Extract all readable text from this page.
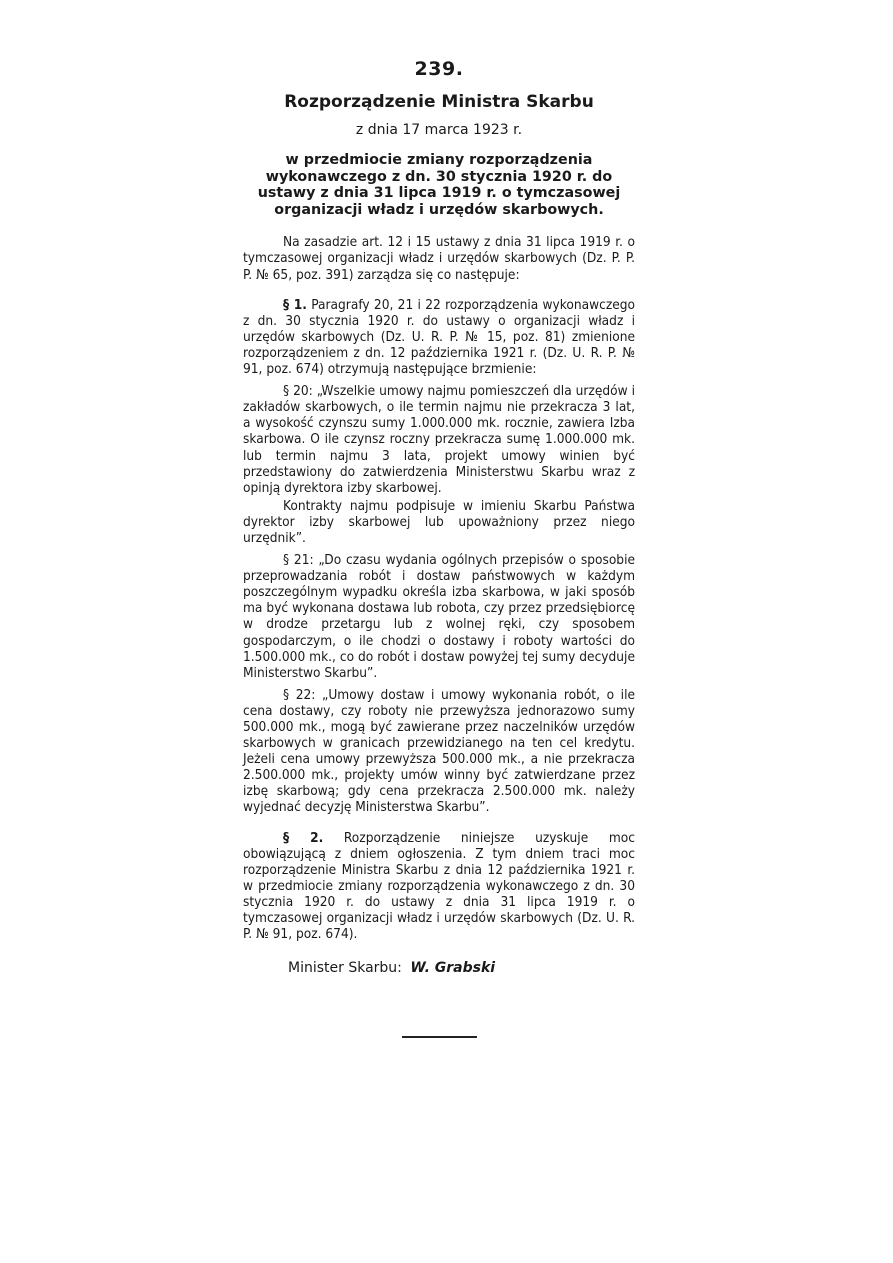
239.
Rozporządzenie Ministra Skarbu
z dnia 17 marca 1923 r.
w przedmiocie zmiany rozporządzenia wykonawczego z dn. 30 stycznia 1920 r. do ustawy z dnia 31 lipca 1919 r. o tymczasowej organizacji władz i urzędów skarbowych.

Na zasadzie art. 12 i 15 ustawy z dnia 31 lipca 1919 r. o tymczasowej organizacji władz i urzędów skarbowych (Dz. P. P. P. № 65, poz. 391) zarządza się co następuje:

§ 1. Paragrafy 20, 21 i 22 rozporządzenia wykonawczego z dn. 30 stycznia 1920 r. do ustawy o organizacji władz i urzędów skarbowych (Dz. U. R. P. № 15, poz. 81) zmienione rozporządzeniem z dn. 12 października 1921 r. (Dz. U. R. P. № 91, poz. 674) otrzymują następujące brzmienie:

§ 20: „Wszelkie umowy najmu pomieszczeń dla urzędów i zakładów skarbowych, o ile termin najmu nie przekracza 3 lat, a wysokość czynszu sumy 1.000.000 mk. rocznie, zawiera Izba skarbowa. O ile czynsz roczny przekracza sumę 1.000.000 mk. lub termin najmu 3 lata, projekt umowy winien być przedstawiony do zatwierdzenia Ministerstwu Skarbu wraz z opinją dyrektora izby skarbowej.

Kontrakty najmu podpisuje w imieniu Skarbu Państwa dyrektor izby skarbowej lub upoważniony przez niego urzędnik”.

§ 21: „Do czasu wydania ogólnych przepisów o sposobie przeprowadzania robót i dostaw państwowych w każdym poszczególnym wypadku określa izba skarbowa, w jaki sposób ma być wykonana dostawa lub robota, czy przez przedsiębiorcę w drodze przetargu lub z wolnej ręki, czy sposobem gospodarczym, o ile chodzi o dostawy i roboty wartości do 1.500.000 mk., co do robót i dostaw powyżej tej sumy decyduje Ministerstwo Skarbu”.

§ 22: „Umowy dostaw i umowy wykonania robót, o ile cena dostawy, czy roboty nie przewyższa jednorazowo sumy 500.000 mk., mogą być zawierane przez naczelników urzędów skarbowych w granicach przewidzianego na ten cel kredytu. Jeżeli cena umowy przewyższa 500.000 mk., a nie przekracza 2.500.000 mk., projekty umów winny być zatwierdzane przez izbę skarbową; gdy cena przekracza 2.500.000 mk. należy wyjednać decyzję Ministerstwa Skarbu”.

§ 2. Rozporządzenie niniejsze uzyskuje moc obowiązującą z dniem ogłoszenia. Z tym dniem traci moc rozporządzenie Ministra Skarbu z dnia 12 października 1921 r. w przedmiocie zmiany rozporządzenia wykonawczego z dn. 30 stycznia 1920 r. do ustawy z dnia 31 lipca 1919 r. o tymczasowej organizacji władz i urzędów skarbowych (Dz. U. R. P. № 91, poz. 674).

Minister Skarbu: W. Grabski
